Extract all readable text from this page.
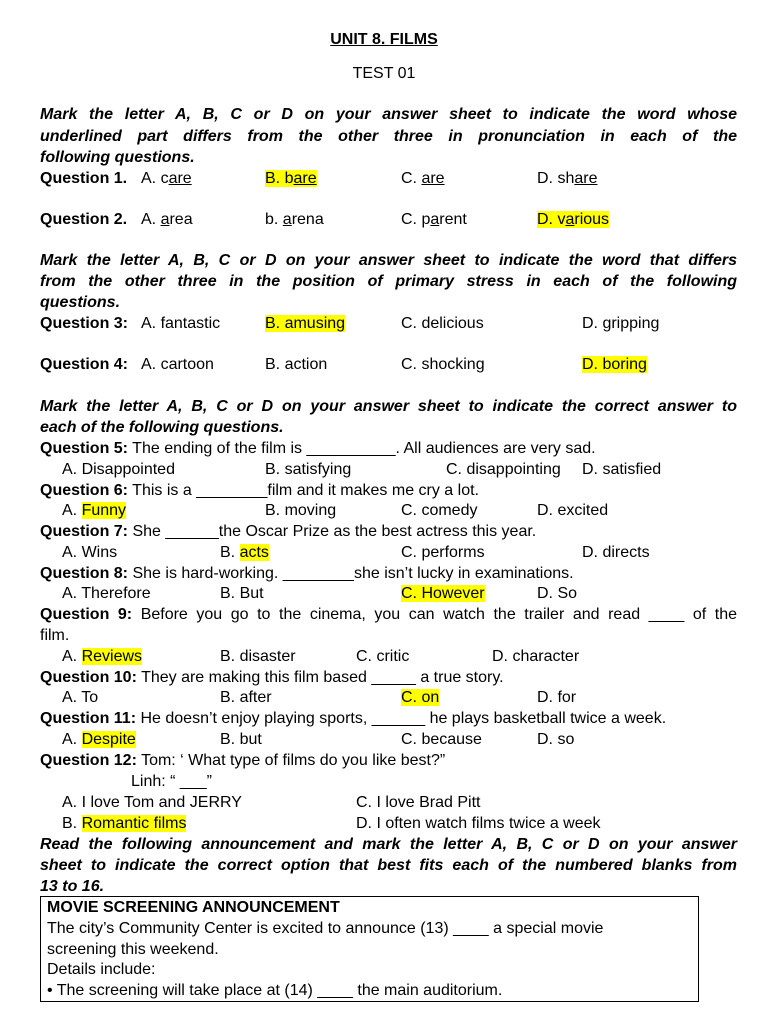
UNIT 8. FILMS
TEST 01
Mark the letter A, B, C or D on your answer sheet to indicate the word whose
underlined part differs from the other three in pronunciation in each of the
following questions.
Question 1. A. care	B. bare	C. are	D. share
Question 2. A. area	b. arena	C. parent	D. various
Mark the letter A, B, C or D on your answer sheet to indicate the word that differs
from the other three in the position of primary stress in each of the following
questions.
Question 3: A. fantastic	B. amusing	C. delicious	D. gripping
Question 4: A. cartoon	B. action	C. shocking	D. boring
Mark the letter A, B, C or D on your answer sheet to indicate the correct answer to
each of the following questions.
Question 5: The ending of the film is __________. All audiences are very sad.
A. Disappointed	B. satisfying	C. disappointing D. satisfied
Question 6: This is a ________film and it makes me cry a lot.
A. Funny	B. moving	C. comedy	D. excited
Question 7: She ______the Oscar Prize as the best actress this year.
A. Wins	B. acts	C. performs	D. directs
Question 8: She is hard-working. ________she isn’t lucky in examinations.
A. Therefore	B. But	C. However	D. So
Question 9: Before you go to the cinema, you can watch the trailer and read ____ of the
film.
A. Reviews	B. disaster	C. critic	D. character
Question 10: They are making this film based _____ a true story.
A. To	B. after	C. on	D. for
Question 11: He doesn’t enjoy playing sports, ______ he plays basketball twice a week.
A. Despite	B. but	C. because	D. so
Question 12: Tom: ‘ What type of films do you like best?”
Linh: “ ___”
A. I love Tom and JERRY	C. I love Brad Pitt
B. Romantic films	D. I often watch films twice a week
Read the following announcement and mark the letter A, B, C or D on your answer
sheet to indicate the correct option that best fits each of the numbered blanks from
13 to 16.
MOVIE SCREENING ANNOUNCEMENT
The city’s Community Center is excited to announce (13) ____ a special movie
screening this weekend.
Details include:
• The screening will take place at (14) ____ the main auditorium.
